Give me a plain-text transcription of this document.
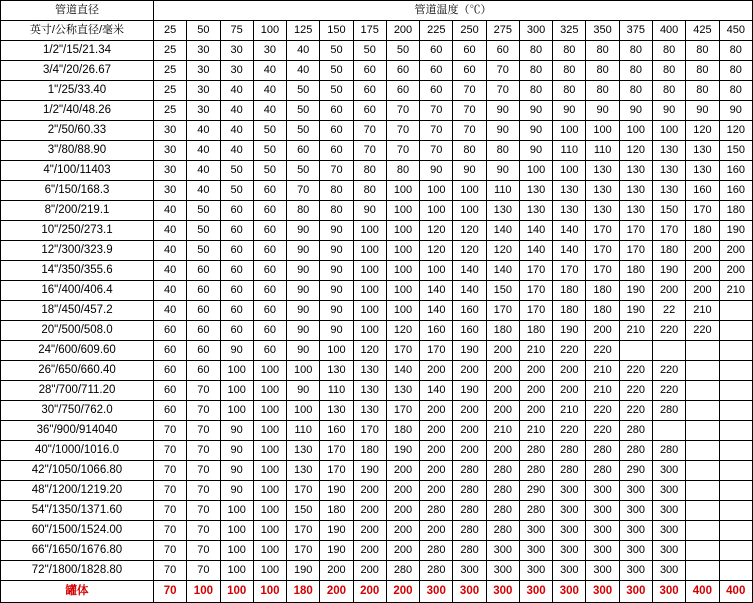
管道直径	管道温度（℃）																	
英寸/公称直径/毫米	25	50	75	100	125	150	175	200	225	250	275	300	325	350	375	400	425	450
1/2"/15/21.34	25	30	30	30	40	50	50	50	60	60	60	80	80	80	80	80	80	80
3/4"/20/26.67	25	30	30	40	40	50	60	60	60	60	70	80	80	80	80	80	80	80
1"/25/33.40	25	30	40	40	50	50	60	60	60	70	70	80	80	80	80	80	80	80
1/2"/40/48.26	25	30	40	40	50	60	60	70	70	70	90	90	90	90	90	90	90	90
2"/50/60.33	30	40	40	50	50	60	70	70	70	70	90	90	100	100	100	100	120	120
3"/80/88.90	30	40	40	50	60	60	70	70	70	80	80	90	110	110	120	130	130	150
4"/100/11403	30	40	50	50	50	70	80	80	90	90	90	100	100	130	130	130	130	160
6"/150/168.3	30	40	50	60	70	80	80	100	100	100	110	130	130	130	130	130	160	160
8"/200/219.1	40	50	60	60	80	80	90	100	100	100	130	130	130	130	130	150	170	180
10"/250/273.1	40	50	60	60	90	90	100	100	120	120	140	140	140	170	170	170	180	190
12"/300/323.9	40	50	60	60	90	90	100	100	120	120	120	140	140	170	170	180	200	200
14"/350/355.6	40	60	60	60	90	90	100	100	100	140	140	170	170	170	180	190	200	200
16"/400/406.4	40	60	60	60	90	90	100	100	140	140	150	170	180	180	190	200	200	210
18"/450/457.2	40	60	60	60	90	90	100	100	140	160	170	170	180	180	190	22	210	
20"/500/508.0	60	60	60	60	90	90	100	120	160	160	180	180	190	200	210	220	220	
24"/600/609.60	60	60	90	60	90	100	120	170	170	190	200	210	220	220				
26"/650/660.40	60	60	100	100	100	130	130	140	200	200	200	200	200	210	220	220		
28"/700/711.20	60	70	100	100	90	110	130	130	140	190	200	200	200	210	220	220		
30"/750/762.0	60	70	100	100	100	130	130	170	200	200	200	200	210	220	220	280		
36"/900/914040	70	70	90	100	110	160	170	180	200	200	210	210	220	220	280			
40"/1000/1016.0	70	70	90	100	130	170	180	190	200	200	200	280	280	280	280	280		
42"/1050/1066.80	70	70	90	100	130	170	190	200	200	280	280	280	280	280	290	300		
48"/1200/1219.20	70	70	90	100	170	190	200	200	200	280	280	290	300	300	300	300		
54"/1350/1371.60	70	70	100	100	150	180	200	200	280	280	280	280	300	300	300	300		
60"/1500/1524.00	70	70	100	100	170	190	200	200	200	280	280	300	300	300	300	300		
66"/1650/1676.80	70	70	100	100	170	190	200	200	280	280	300	300	300	300	300	300		
72"/1800/1828.80	70	70	100	100	190	200	200	280	280	300	300	300	300	300	300	300		
罐体	70	100	100	100	180	200	200	200	300	300	300	300	300	300	300	300	400	400
